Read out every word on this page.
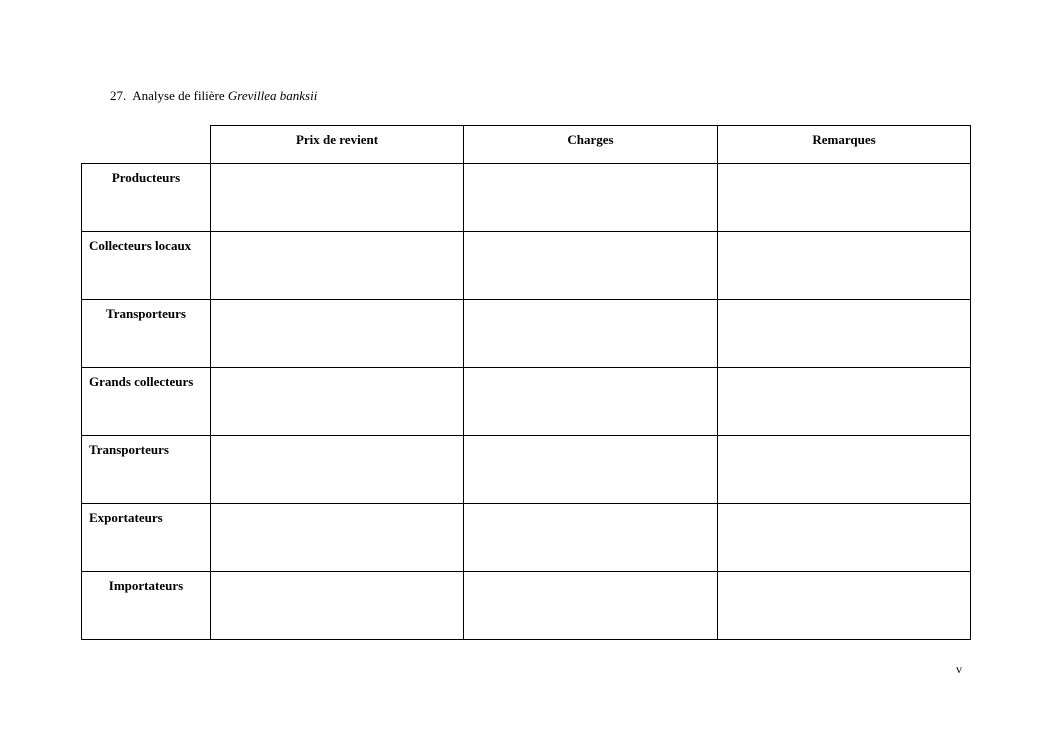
27. Analyse de filière Grevillea banksii
Prix de revient	Charges	Remarques
Producteurs
Collecteurs locaux
Transporteurs
Grands collecteurs
Transporteurs
Exportateurs
Importateurs
v
